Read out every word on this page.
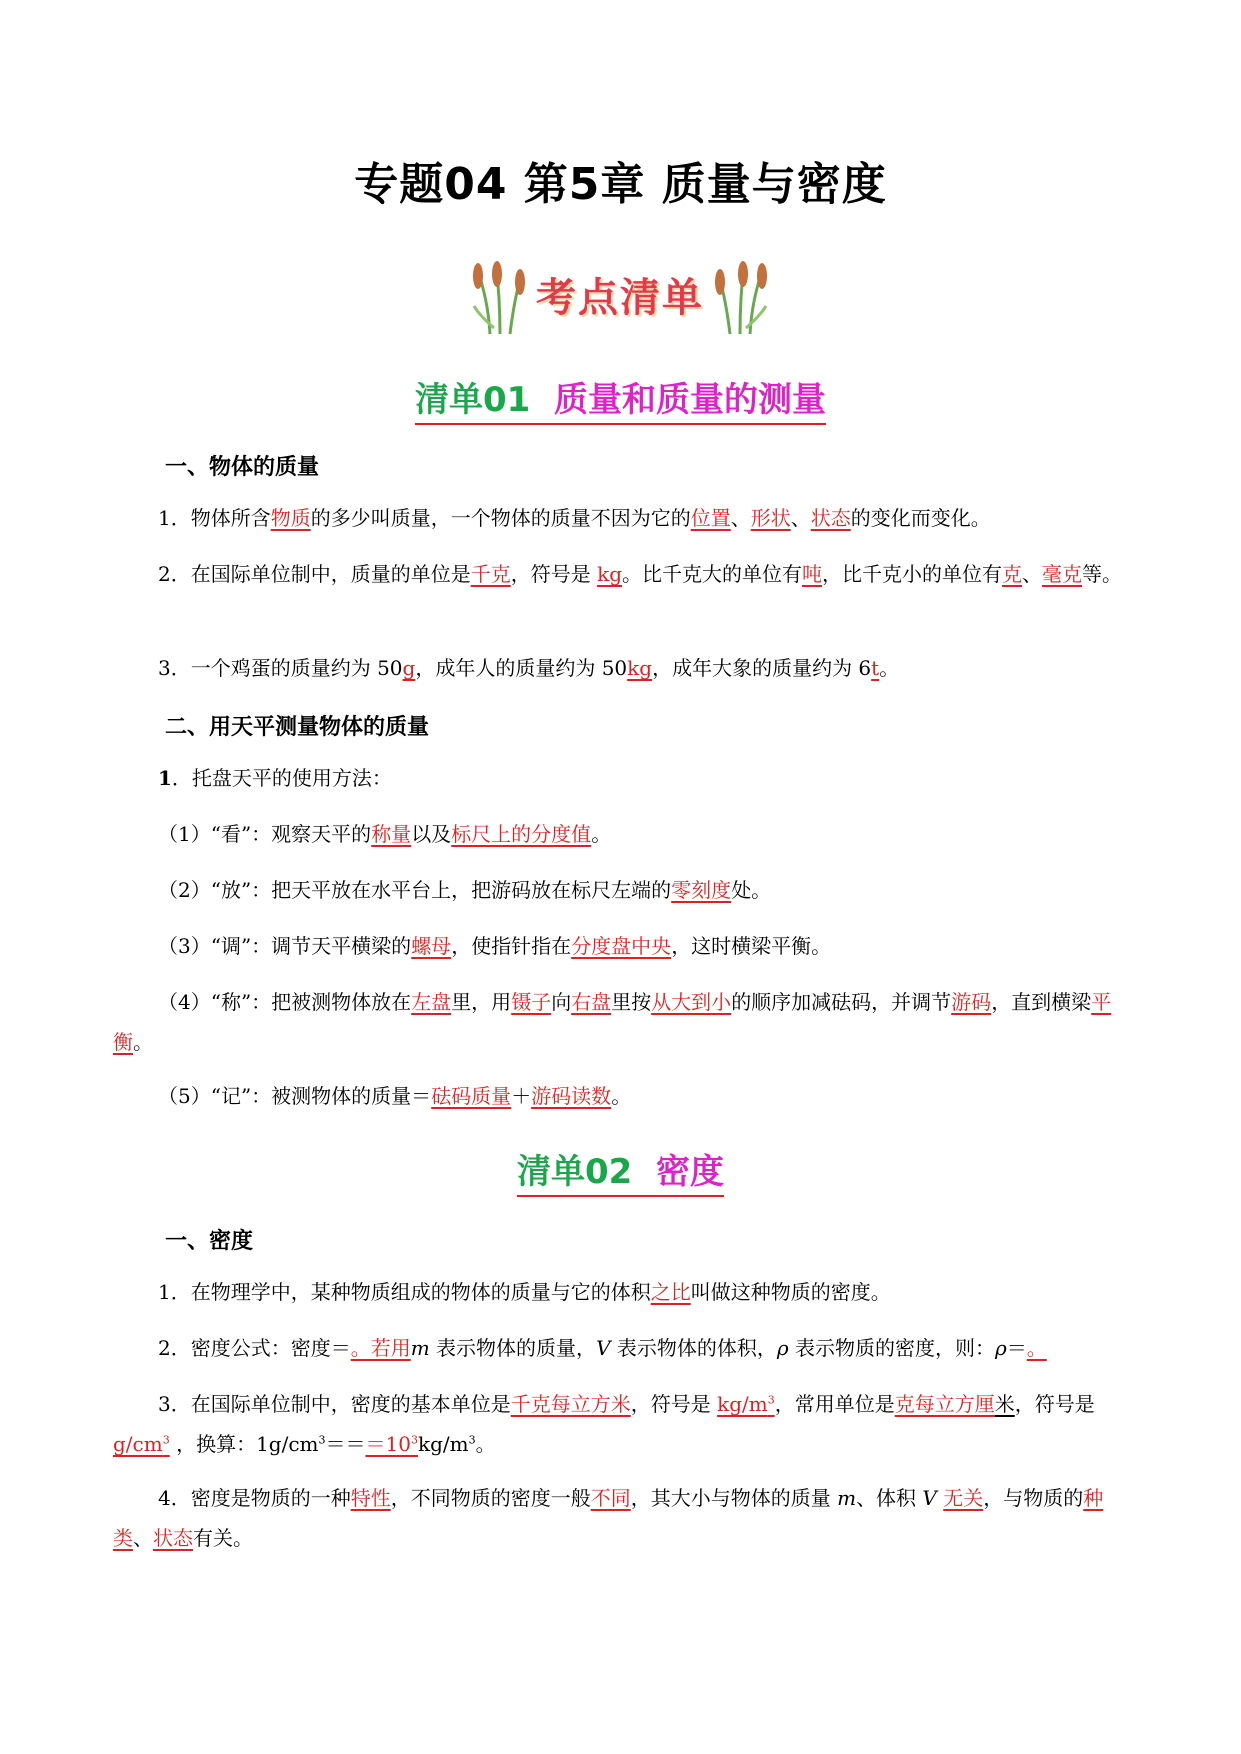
专题04 第5章 质量与密度
考点清单
清单01 质量和质量的测量
一、物体的质量
1．物体所含物质的多少叫质量，一个物体的质量不因为它的位置、形状、状态的变化而变化。
2．在国际单位制中，质量的单位是千克，符号是 kg。比千克大的单位有吨，比千克小的单位有克、毫克等。
3．一个鸡蛋的质量约为 50g，成年人的质量约为 50kg，成年大象的质量约为 6t。
二、用天平测量物体的质量
1．托盘天平的使用方法：
（1）“看”：观察天平的称量以及标尺上的分度值。
（2）“放”：把天平放在水平台上，把游码放在标尺左端的零刻度处。
（3）“调”：调节天平横梁的螺母，使指针指在分度盘中央，这时横梁平衡。
（4）“称”：把被测物体放在左盘里，用镊子向右盘里按从大到小的顺序加减砝码，并调节游码，直到横梁平衡。
（5）“记”：被测物体的质量＝砝码质量＋游码读数。
清单02 密度
一、密度
1．在物理学中，某种物质组成的物体的质量与它的体积之比叫做这种物质的密度。
2．密度公式：密度＝。若用m 表示物体的质量，V 表示物体的体积，ρ 表示物质的密度，则：ρ＝。
3．在国际单位制中，密度的基本单位是千克每立方米，符号是 $kg/m^3$，常用单位是克每立方厘米，符号是 $g/cm^3$ ，换算：$1g/cm^3===10^3kg/m^3$。
4．密度是物质的一种特性，不同物质的密度一般不同，其大小与物体的质量 m、体积 V 无关，与物质的种类、状态有关。
